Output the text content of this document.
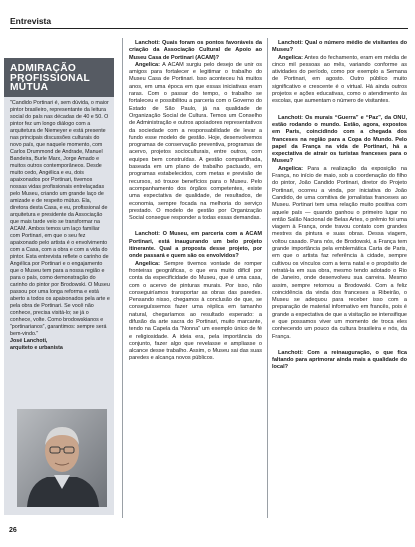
Entrevista
ADMIRAÇÃO
PROFISSIONAL
MÚTUA

"Candido Portinari é, sem dúvida, o maior pintor brasileiro, representante da leitura social do país nas décadas de 40 e 50. O pintor fez um longo diálogo com a arquitetura de Niemeyer e está presente nas principais discussões culturais do novo país, que naquele momento, com Carlos Drummond de Andrade, Manuel Bandeira, Burle Marx, Jorge Amado e muitos outros contemporâneos. Desde muito cedo, Angélica e eu, dois apaixonados por Portinari, tivemos nossas vidas profissionais entrelaçadas pelo Museu, criando um grande laço de amizade e de respeito mútuo. Ela, diretora desta Casa, e eu, profissional de arquitetura e presidente da Associação que mais tarde veio se transformar na ACAM. Ambos temos um laço familiar com Portinari, em que o seu fez apaixonado pelo artista é o envolvimento com a Casa, com a obra e com a vida do pintor. Esta entrevista reflete o carinho de Angélica por Portinari e o engajamento que o Museu tem para a nossa região e para o país, como demonstração do carinho do pintor por Brodowski. O Museu passou por uma longa reforma e está aberto a todos os apaixonados pela arte e pela obra de Portinari. Se você não conhece, precisa visitá-lo; se já o conhece, volte. Como brodowskianos e “portinarianos”, garantimos: sempre será bem-vindo."

José Lanchoti,
arquiteto e urbanista

Lanchoti: Quais foram os pontos favoráveis da criação da Associação Cultural de Apoio ao Museu Casa de Portinari (ACAM)?

Angelica: A ACAM surgiu pelo desejo de unir os amigos para fortalecer e legitimar o trabalho do Museu Casa de Portinari. Isso aconteceu há muitos anos, em uma época em que essas iniciativas eram raras. Com o passar do tempo, o trabalho se fortaleceu e possibilitou a parceria com o Governo do Estado de São Paulo, já na qualidade de Organização Social de Cultura. Temos um Conselho de Administração e outros apoiadores representativos da sociedade com a responsabilidade de levar a fundo esse modelo de gestão. Hoje, desenvolvemos programas de conservação preventiva, programas de acervo, projetos socioculturais, entre outros, com equipes bem construídas. A gestão compartilhada, baseada em um plano de trabalho pactuado, em programas estabelecidos, com metas e previsão de recursos, só trouxe benefícios para o Museu. Pelo acompanhamento dos órgãos competentes, existe uma expectativa de qualidade, de resultados, de economia, sempre focada na melhoria do serviço prestado. O modelo de gestão por Organização Social consegue responder a todas essas demandas.

Lanchoti: O Museu, em parceria com a ACAM Portinari, está inaugurando um belo projeto itinerante. Qual a proposta desse projeto, por onde passará e quem são os envolvidos?

Angelica: Sempre tivemos vontade de romper fronteiras geográficas, o que era muito difícil por conta da especificidade do Museu, que é uma casa, com o acervo de pinturas murais. Por isso, não conseguiríamos transportar as obras das paredes. Pensando nisso, chegamos à conclusão de que, se conseguíssemos fazer uma réplica em tamanho natural, chegaríamos ao resultado esperado: a difusão da arte sacra do Portinari, muito marcante, tendo na Capela da “Nonna” um exemplo único de fé e religiosidade. A ideia era, pela importância do conjunto, fazer algo que revelasse e ampliasse o alcance desse trabalho. Assim, o Museu sai das suas paredes e alcança novos públicos.

Lanchoti: Qual o número médio de visitantes do Museu?

Angelica: Antes do fechamento, eram em média de cinco mil pessoas ao mês, variando conforme as atividades do período, como por exemplo a Semana de Portinari, em agosto. Outro público muito significativo e crescente é o virtual. Há ainda outros projetos e ações educativas, como o atendimento às escolas, que aumentam o número de visitantes.

Lanchoti: Os murais “Guerra” e “Paz”, da ONU, estão rodando o mundo. Estão, agora, expostos em Paris, coincidindo com a chegada dos franceses na região para a Copa do Mundo. Pelo papel da França na vida de Portinari, há a expectativa de atrair os turistas franceses para o Museu?

Angelica: Para a realização da exposição na França, no início de maio, sob a coordenação do filho do pintor, João Candido Portinari, diretor do Projeto Portinari, ocorreu a vinda, por iniciativa do João Candido, de uma comitiva de jornalistas franceses ao Museu. Portinari tem uma relação muito positiva com aquele país — quando ganhou o primeiro lugar no então Salão Nacional de Belas Artes, o prêmio foi uma viagem à França, onde travou contato com grandes mestres da pintura e suas obras. Dessa viagem, voltou casado. Para nós, de Brodowski, a França tem grande importância pela emblemática Carta de Paris, em que o artista faz referência à cidade, sempre cultivou os vínculos com a terra natal e o propósito de retratá-la em sua obra, mesmo tendo adotado o Rio de Janeiro, onde desenvolveu sua carreira. Mesmo assim, sempre retornou a Brodowski. Com a feliz coincidência da vinda dos franceses a Ribeirão, o Museu se adequou para receber isso com a preparação de material informativo em francês, pois é grande a expectativa de que a visitação se intensifique e que possamos viver um momento de troca eles conhecendo um pouco da cultura brasileira e nós, da França.

Lanchoti: Com a reinauguração, o que fica faltando para aprimorar ainda mais a qualidade do local?

26
